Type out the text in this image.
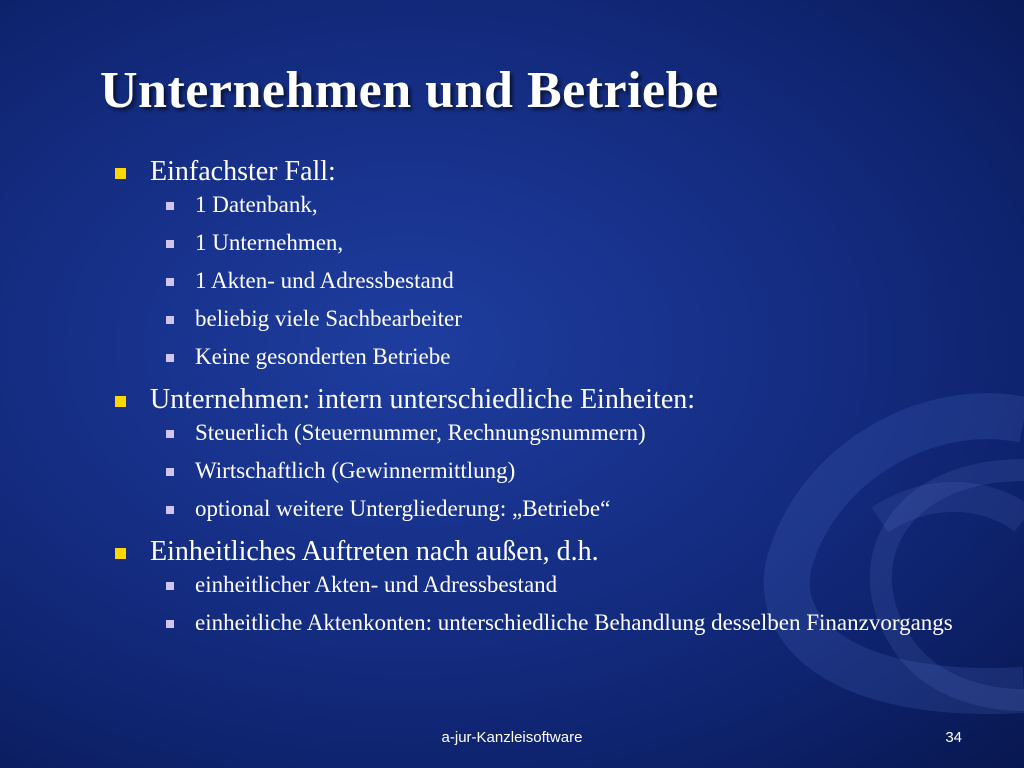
Unternehmen und Betriebe
Einfachster Fall:
1 Datenbank,
1 Unternehmen,
1 Akten- und Adressbestand
beliebig viele Sachbearbeiter
Keine gesonderten Betriebe
Unternehmen: intern unterschiedliche Einheiten:
Steuerlich (Steuernummer, Rechnungsnummern)
Wirtschaftlich (Gewinnermittlung)
optional weitere Untergliederung: „Betriebe“
Einheitliches Auftreten nach außen, d.h.
einheitlicher Akten- und Adressbestand
einheitliche Aktenkonten: unterschiedliche Behandlung desselben Finanzvorgangs
a-jur-Kanzleisoftware	34
